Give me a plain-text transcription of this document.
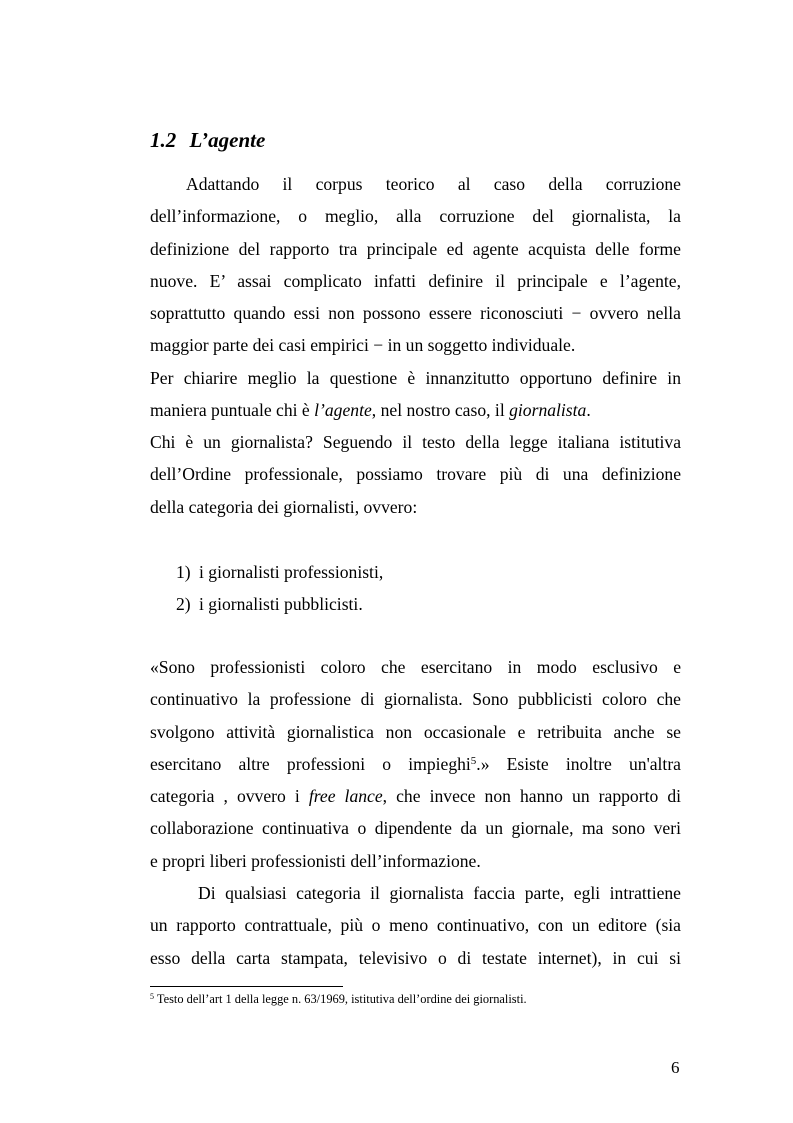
1.2 L’agente

Adattando il corpus teorico al caso della corruzione
dell’informazione, o meglio, alla corruzione del giornalista, la
definizione del rapporto tra principale ed agente acquista delle forme
nuove. E’ assai complicato infatti definire il principale e l’agente,
soprattutto quando essi non possono essere riconosciuti − ovvero nella
maggior parte dei casi empirici − in un soggetto individuale.

Per chiarire meglio la questione è innanzitutto opportuno definire in
maniera puntuale chi è l’agente, nel nostro caso, il giornalista.

Chi è un giornalista? Seguendo il testo della legge italiana istitutiva
dell’Ordine professionale, possiamo trovare più di una definizione
della categoria dei giornalisti, ovvero:

1) i giornalisti professionisti,
2) i giornalisti pubblicisti.

«Sono professionisti coloro che esercitano in modo esclusivo e
continuativo la professione di giornalista. Sono pubblicisti coloro che
svolgono attività giornalistica non occasionale e retribuita anche se
esercitano altre professioni o impieghi$^5$.» Esiste inoltre un'altra
categoria , ovvero i free lance, che invece non hanno un rapporto di
collaborazione continuativa o dipendente da un giornale, ma sono veri
e propri liberi professionisti dell’informazione.

Di qualsiasi categoria il giornalista faccia parte, egli intrattiene
un rapporto contrattuale, più o meno continuativo, con un editore (sia
esso della carta stampata, televisivo o di testate internet), in cui si

$^5$ Testo dell’art 1 della legge n. 63/1969, istitutiva dell’ordine dei giornalisti.

6
